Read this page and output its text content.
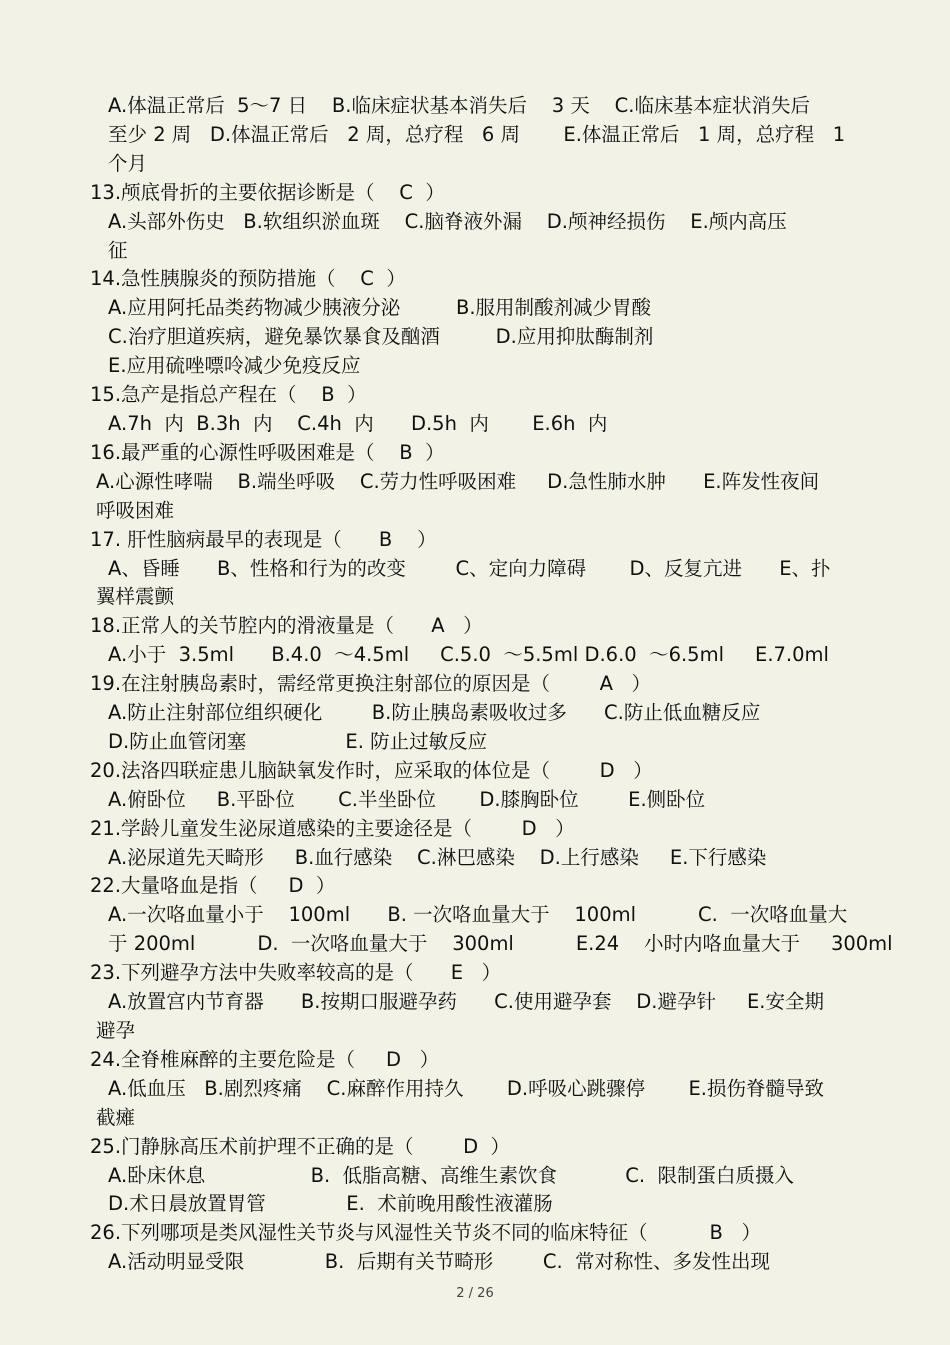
A.体温正常后  5～7 日    B.临床症状基本消失后    3 天    C.临床基本症状消失后

至少 2 周   D.体温正常后   2 周，总疗程   6 周       E.体温正常后   1 周，总疗程   1

个月

13.颅底骨折的主要依据诊断是（    C  ）

A.头部外伤史   B.软组织淤血斑    C.脑脊液外漏    D.颅神经损伤    E.颅内高压

征

14.急性胰腺炎的预防措施（    C  ）

A.应用阿托品类药物减少胰液分泌         B.服用制酸剂减少胃酸

C.治疗胆道疾病，避免暴饮暴食及酗酒         D.应用抑肽酶制剂

E.应用硫唑嘌呤减少免疫反应

15.急产是指总产程在（    B  ）

A.7h  内  B.3h  内    C.4h  内      D.5h  内       E.6h  内

16.最严重的心源性呼吸困难是（    B  ）

A.心源性哮喘    B.端坐呼吸    C.劳力性呼吸困难     D.急性肺水肿      E.阵发性夜间

呼吸困难

17. 肝性脑病最早的表现是（      B    ）

A、昏睡      B、性格和行为的改变        C、定向力障碍       D、反复亢进      E、扑

翼样震颤

18.正常人的关节腔内的滑液量是（      A   ）

A.小于  3.5ml      B.4.0  ～4.5ml     C.5.0  ～5.5ml D.6.0  ～6.5ml     E.7.0ml

19.在注射胰岛素时，需经常更换注射部位的原因是（        A   ）

A.防止注射部位组织硬化        B.防止胰岛素吸收过多      C.防止低血糖反应

D.防止血管闭塞                E. 防止过敏反应

20.法洛四联症患儿脑缺氧发作时，应采取的体位是（        D   ）

A.俯卧位     B.平卧位       C.半坐卧位       D.膝胸卧位        E.侧卧位

21.学龄儿童发生泌尿道感染的主要途径是（        D   ）

A.泌尿道先天畸形     B.血行感染    C.淋巴感染    D.上行感染     E.下行感染

22.大量咯血是指（     D  ）

A.一次咯血量小于    100ml      B. 一次咯血量大于    100ml          C.  一次咯血量大

于 200ml          D.  一次咯血量大于    300ml          E.24    小时内咯血量大于     300ml

23.下列避孕方法中失败率较高的是（      E   ）

A.放置宫内节育器      B.按期口服避孕药      C.使用避孕套    D.避孕针     E.安全期

避孕

24.全脊椎麻醉的主要危险是（     D   ）

A.低血压   B.剧烈疼痛    C.麻醉作用持久       D.呼吸心跳骤停       E.损伤脊髓导致

截瘫

25.门静脉高压术前护理不正确的是（        D  ）

A.卧床休息                 B.  低脂高糖、高维生素饮食           C.  限制蛋白质摄入

D.术日晨放置胃管             E.  术前晚用酸性液灌肠

26.下列哪项是类风湿性关节炎与风湿性关节炎不同的临床特征（          B   ）

A.活动明显受限             B.  后期有关节畸形        C.  常对称性、多发性出现

2 / 26
